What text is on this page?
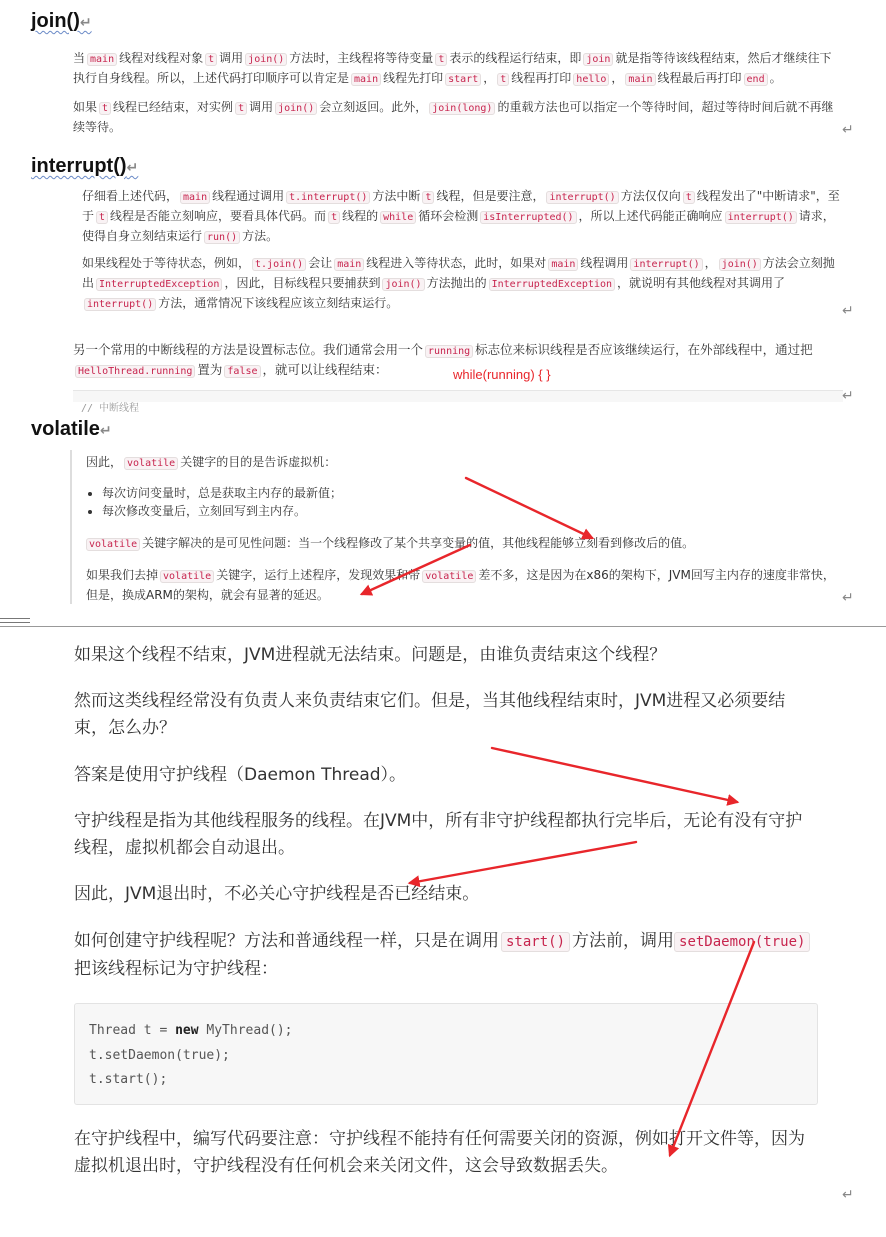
join()↵

当 main 线程对线程对象 t 调用 join() 方法时，主线程将等待变量 t 表示的线程运行结束，即 join 就是指等待该线程结束，然后才继续往下执行自身线程。所以，上述代码打印顺序可以肯定是 main 线程先打印 start ， t 线程再打印 hello ， main 线程最后再打印 end 。

如果 t 线程已经结束，对实例 t 调用 join() 会立刻返回。此外， join(long) 的重载方法也可以指定一个等待时间，超过等待时间后就不再继续等待。	↵
interrupt()↵

仔细看上述代码， main 线程通过调用 t.interrupt() 方法中断 t 线程，但是要注意， interrupt() 方法仅仅向 t 线程发出了"中断请求"，至于 t 线程是否能立刻响应，要看具体代码。而 t 线程的 while 循环会检测 isInterrupted() ，所以上述代码能正确响应 interrupt() 请求，使得自身立刻结束运行 run() 方法。

如果线程处于等待状态，例如， t.join() 会让 main 线程进入等待状态，此时，如果对 main 线程调用 interrupt() ， join() 方法会立刻抛出 InterruptedException ，因此，目标线程只要捕获到 join() 方法抛出的 InterruptedException ，就说明有其他线程对其调用了interrupt() 方法，通常情况下该线程应该立刻结束运行。	↵

另一个常用的中断线程的方法是设置标志位。我们通常会用一个 running 标志位来标识线程是否应该继续运行，在外部线程中，通过把HelloThread.running 置为 false ，就可以让线程结束：	while(running) { }
$_{// 中断线程}$
↵
volatile↵

因此， volatile 关键字的目的是告诉虚拟机：

• 每次访问变量时，总是获取主内存的最新值；
• 每次修改变量后，立刻回写到主内存。

volatile 关键字解决的是可见性问题：当一个线程修改了某个共享变量的值，其他线程能够立刻看到修改后的值。

如果我们去掉 volatile 关键字，运行上述程序，发现效果和带 volatile 差不多，这是因为在x86的架构下，JVM回写主内存的速度非常快，但是，换成ARM的架构，就会有显著的延迟。	↵
如果这个线程不结束，JVM进程就无法结束。问题是，由谁负责结束这个线程？
然而这类线程经常没有负责人来负责结束它们。但是，当其他线程结束时，JVM进程又必须要结束，怎么办？
答案是使用守护线程（Daemon Thread）。
守护线程是指为其他线程服务的线程。在JVM中，所有非守护线程都执行完毕后，无论有没有守护线程，虚拟机都会自动退出。
因此，JVM退出时，不必关心守护线程是否已经结束。
如何创建守护线程呢？方法和普通线程一样，只是在调用 start() 方法前，调用 setDaemon(true)把该线程标记为守护线程：
Thread t = new MyThread();
t.setDaemon(true);
t.start();
在守护线程中，编写代码要注意：守护线程不能持有任何需要关闭的资源，例如打开文件等，因为虚拟机退出时，守护线程没有任何机会来关闭文件，这会导致数据丢失。
↵
